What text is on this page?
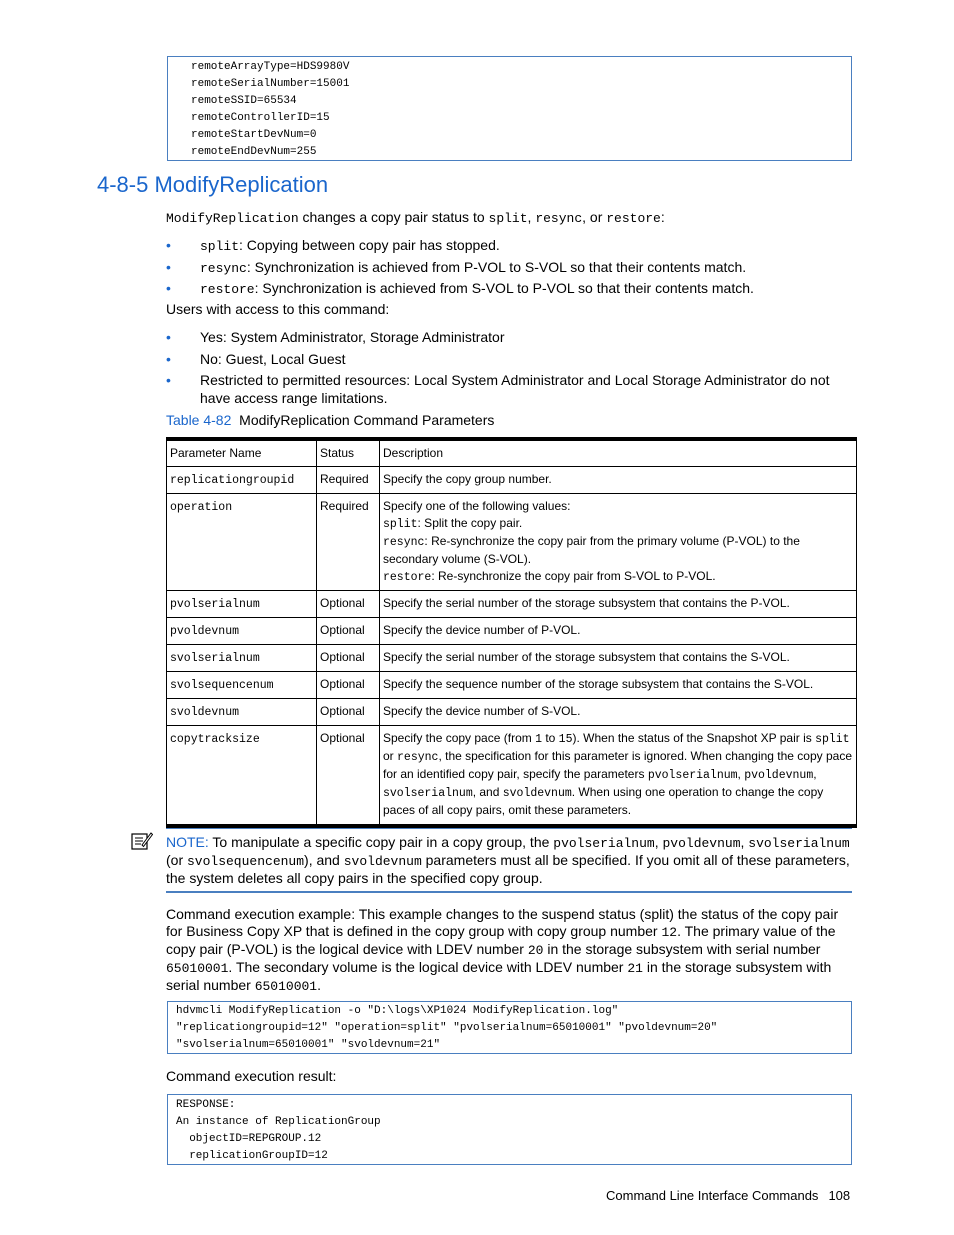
remoteArrayType=HDS9980V
remoteSerialNumber=15001
remoteSSID=65534
remoteControllerID=15
remoteStartDevNum=0
remoteEndDevNum=255
4-8-5 ModifyReplication
ModifyReplication changes a copy pair status to split, resync, or restore:
• split: Copying between copy pair has stopped.
• resync: Synchronization is achieved from P-VOL to S-VOL so that their contents match.
• restore: Synchronization is achieved from S-VOL to P-VOL so that their contents match.
Users with access to this command:
• Yes: System Administrator, Storage Administrator
• No: Guest, Local Guest
• Restricted to permitted resources: Local System Administrator and Local Storage Administrator do not have access range limitations.
Table 4-82 ModifyReplication Command Parameters
Parameter Name	Status	Description
replicationgroupid	Required	Specify the copy group number.
operation	Required	Specify one of the following values:
split: Split the copy pair.
resync: Re-synchronize the copy pair from the primary volume (P-VOL) to the secondary volume (S-VOL).
restore: Re-synchronize the copy pair from S-VOL to P-VOL.

pvolserialnum	Optional	Specify the serial number of the storage subsystem that contains the P-VOL.
pvoldevnum	Optional	Specify the device number of P-VOL.
svolserialnum	Optional	Specify the serial number of the storage subsystem that contains the S-VOL.
svolsequencenum	Optional	Specify the sequence number of the storage subsystem that contains the S-VOL.
svoldevnum	Optional	Specify the device number of S-VOL.
copytracksize	Optional	Specify the copy pace (from 1 to 15). When the status of the Snapshot XP pair is split or resync, the specification for this parameter is ignored. When changing the copy pace for an identified copy pair, specify the parameters pvolserialnum, pvoldevnum, svolserialnum, and svoldevnum. When using one operation to change the copy paces of all copy pairs, omit these parameters.
NOTE: To manipulate a specific copy pair in a copy group, the pvolserialnum, pvoldevnum, svolserialnum (or svolsequencenum), and svoldevnum parameters must all be specified. If you omit all of these parameters, the system deletes all copy pairs in the specified copy group.
Command execution example: This example changes to the suspend status (split) the status of the copy pair for Business Copy XP that is defined in the copy group with copy group number 12. The primary value of the copy pair (P-VOL) is the logical device with LDEV number 20 in the storage subsystem with serial number 65010001. The secondary volume is the logical device with LDEV number 21 in the storage subsystem with serial number 65010001.
hdvmcli ModifyReplication -o "D:\logs\XP1024 ModifyReplication.log"
"replicationgroupid=12" "operation=split" "pvolserialnum=65010001" "pvoldevnum=20"
"svolserialnum=65010001" "svoldevnum=21"
Command execution result:
RESPONSE:
An instance of ReplicationGroup
objectID=REPGROUP.12
replicationGroupID=12
Command Line Interface Commands 108
